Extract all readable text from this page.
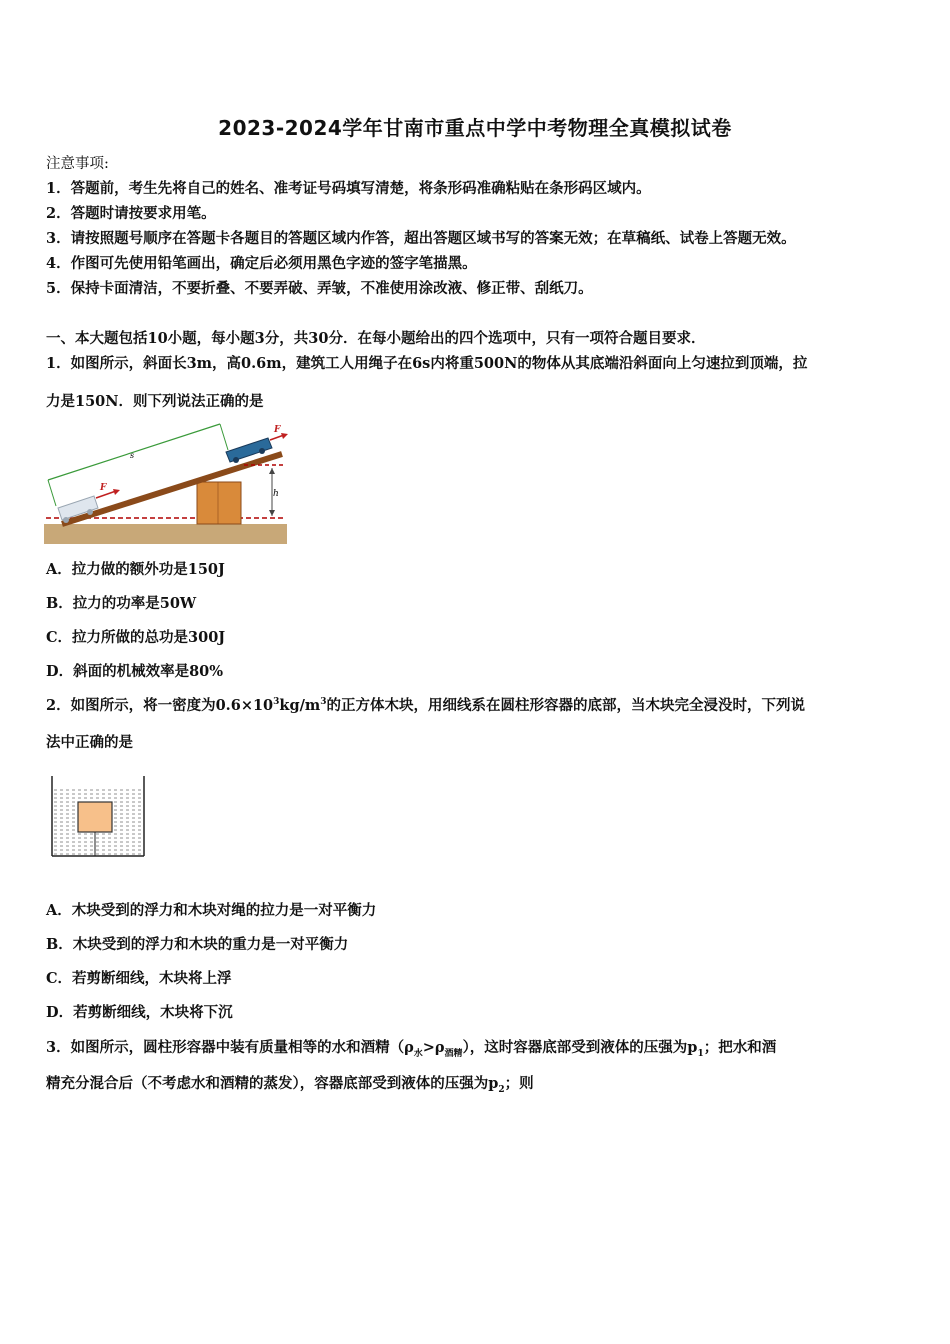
2023-2024学年甘南市重点中学中考物理全真模拟试卷
注意事项:
1．答题前，考生先将自己的姓名、准考证号码填写清楚，将条形码准确粘贴在条形码区域内。
2．答题时请按要求用笔。
3．请按照题号顺序在答题卡各题目的答题区域内作答，超出答题区域书写的答案无效；在草稿纸、试卷上答题无效。
4．作图可先使用铅笔画出，确定后必须用黑色字迹的签字笔描黑。
5．保持卡面清洁，不要折叠、不要弄破、弄皱，不准使用涂改液、修正带、刮纸刀。
一、本大题包括10小题，每小题3分，共30分．在每小题给出的四个选项中，只有一项符合题目要求．
1．如图所示，斜面长3m，高0.6m，建筑工人用绳子在6s内将重500N的物体从其底端沿斜面向上匀速拉到顶端，拉
力是150N．则下列说法正确的是
h
s
F
F
A．拉力做的额外功是150J
B．拉力的功率是50W
C．拉力所做的总功是300J
D．斜面的机械效率是80%
2．如图所示，将一密度为$0.6\times 10^3kg/m^3$的正方体木块，用细线系在圆柱形容器的底部，当木块完全浸没时，下列说
法中正确的是
A．木块受到的浮力和木块对绳的拉力是一对平衡力
B．木块受到的浮力和木块的重力是一对平衡力
C．若剪断细线，木块将上浮
D．若剪断细线，木块将下沉
3．如图所示，圆柱形容器中装有质量相等的水和酒精$(\rho_水>\rho_{酒精})$，这时容器底部受到液体的压强为$p_1$；把水和酒
精充分混合后（不考虑水和酒精的蒸发），容器底部受到液体的压强为$p_2$；则
